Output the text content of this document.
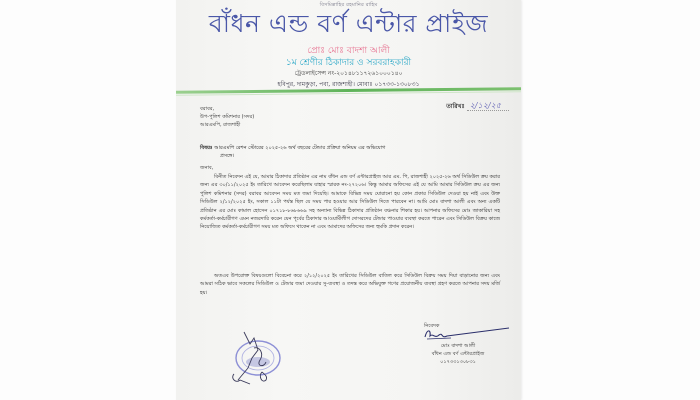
বিসমিল্লাহির রহমানির রাহিম
বাঁধন এন্ড বর্ণ এন্টার প্রাইজ
প্রোঃ মোঃ বাদশা আলী
১ম শ্রেণীর ঠিকাদার ও সরবরাহকারী
ট্রেডলাইসেন্স নং-২০১৪৮১১৭২৬১০০০১৪০
হবিপুর, দামকুড়া, পবা, রাজশাহী। মোবাঃ ০১৭৩৩-১৩০৮৩১
তারিখঃ ২/১২/২৫
বরাবর,
উপ-পুলিশ কমিশনার (সদর)
আরএমপি, রাজশাহী
বিষয়ঃ আরএমপি রেশন স্টোরের ২০২৫-২৬ অর্থ বছরের টেন্ডার প্রক্রিয়া অনিয়ম এর অভিযোগ
প্রসঙ্গে।
জনাব,
বিনীত নিবেদন এই যে, আমার ঠিকাদার প্রতিষ্ঠান এর নাম বাঁধন এন্ড বর্ণ এন্টারপ্রাইজ আর এম. পি, রাজশাহী ২০২৫-২৬ অর্থ সিডিউল ক্রয় করার জন্য এর ৩০/১১/২০২৫ ইং তারিখে আবেদন করেছিলাম যাহার স্মারক নং-২৭২০৬। কিন্তু আমার অফিসের এই যে আমি আমার সিডিউল ক্রয় এর জন্য পুলিশ কমিশনার (সদর) বরাবর আবেদন সময় মত জমা দিয়েছি। আমাকে বিভিন্ন সময় ঘোরানো হয় কোন প্রকার সিডিউল দেওয়া হয় নাই এবং উক্ত সিডিউল ২/১২/২০২৫ ইং, সকাল ১১টা পর্যন্ত ছিল যে সময় পার হওয়ার আর সিডিউল দিতে পারবেন না। আমি মোঃ বাদশা আলী এবং অন্য একটি প্রতিষ্ঠান এর মোঃ কামাল হোসেন ০১৭১৮-৮৬৮৬৬৯ সহ অন্যান্য বিভিন্ন ঠিকাদার প্রতিষ্ঠান বঞ্চনার শিকার হয়। আপনার অফিসের মোঃ জাকারিয়া সহ কর্মকর্তা-কর্মচারীগণ এমন নজরদারি করেন যেন পূর্বের ঠিকাদার আওয়ামীলীগ দোসরদের টেন্ডার পাওয়ার ব্যবস্থা করতে পারেন এবং সিডিউল বিক্রয় কাজে নিয়োজিত কর্মকর্তা-কর্মচারীগণ সময় মত অফিসে থাকেন না এবং আমাদের অফিসের জন্য হুমকি প্রদান করেন।
অতএব উপরোক্ত বিষয়গুলো বিবেচনা করে ২/১২/২০২৫ ইং তারিখের সিডিউল বাতিল করে সিডিউল বিক্রয় সময় দিয়া বাড়ানোর জন্য এবং আমরা সঠিক ভাবে সকলের সিডিউল ও টেন্ডার জমা দেওয়ার সু-ব্যবস্থা ও তদন্ত করে অভিযুক্ত গণের প্রয়োজনীয় ব্যবস্থা গ্রহণ করতে আপনার সদয় মর্জি হয়।
নিবেদক
মোঃ বাদশা আলী
বাঁধন এন্ড বর্ণ এন্টারপ্রাইজ
০১৭৩৩১৩০৮৩১
